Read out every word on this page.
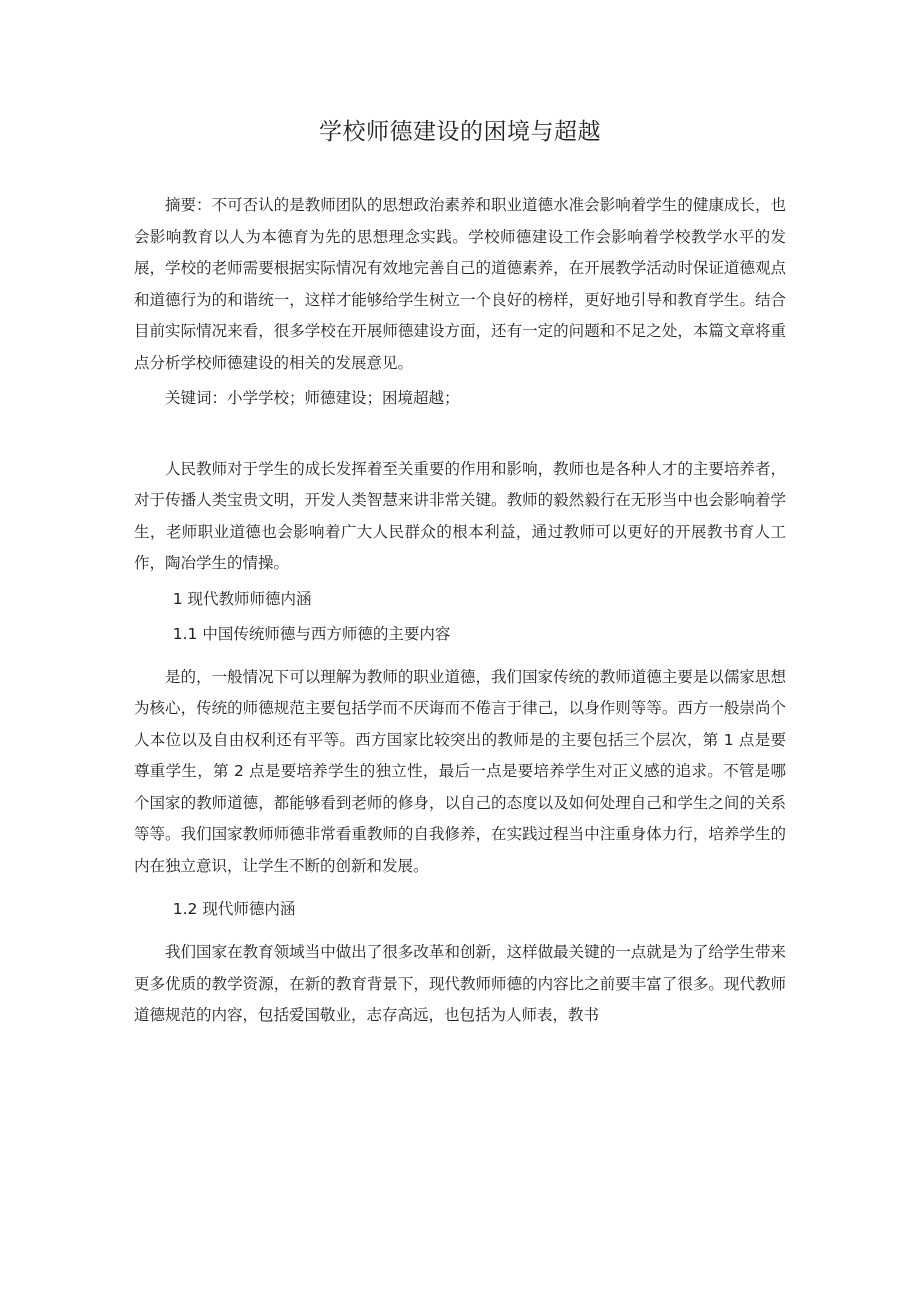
学校师德建设的困境与超越

摘要：不可否认的是教师团队的思想政治素养和职业道德水准会影响着学生的健康成长，也会影响教育以人为本德育为先的思想理念实践。学校师德建设工作会影响着学校教学水平的发展，学校的老师需要根据实际情况有效地完善自己的道德素养，在开展教学活动时保证道德观点和道德行为的和谐统一，这样才能够给学生树立一个良好的榜样，更好地引导和教育学生。结合目前实际情况来看，很多学校在开展师德建设方面，还有一定的问题和不足之处，本篇文章将重点分析学校师德建设的相关的发展意见。

关键词：小学学校；师德建设；困境超越；

人民教师对于学生的成长发挥着至关重要的作用和影响，教师也是各种人才的主要培养者，对于传播人类宝贵文明，开发人类智慧来讲非常关键。教师的毅然毅行在无形当中也会影响着学生，老师职业道德也会影响着广大人民群众的根本利益，通过教师可以更好的开展教书育人工作，陶冶学生的情操。

1 现代教师师德内涵

1.1 中国传统师德与西方师德的主要内容

是的，一般情况下可以理解为教师的职业道德，我们国家传统的教师道德主要是以儒家思想为核心，传统的师德规范主要包括学而不厌诲而不倦言于律己，以身作则等等。西方一般崇尚个人本位以及自由权利还有平等。西方国家比较突出的教师是的主要包括三个层次，第 1 点是要尊重学生，第 2 点是要培养学生的独立性，最后一点是要培养学生对正义感的追求。不管是哪个国家的教师道德，都能够看到老师的修身，以自己的态度以及如何处理自己和学生之间的关系等等。我们国家教师师德非常看重教师的自我修养，在实践过程当中注重身体力行，培养学生的内在独立意识，让学生不断的创新和发展。

1.2 现代师德内涵

我们国家在教育领域当中做出了很多改革和创新，这样做最关键的一点就是为了给学生带来更多优质的教学资源，在新的教育背景下，现代教师师德的内容比之前要丰富了很多。现代教师道德规范的内容，包括爱国敬业，志存高远，也包括为人师表，教书
